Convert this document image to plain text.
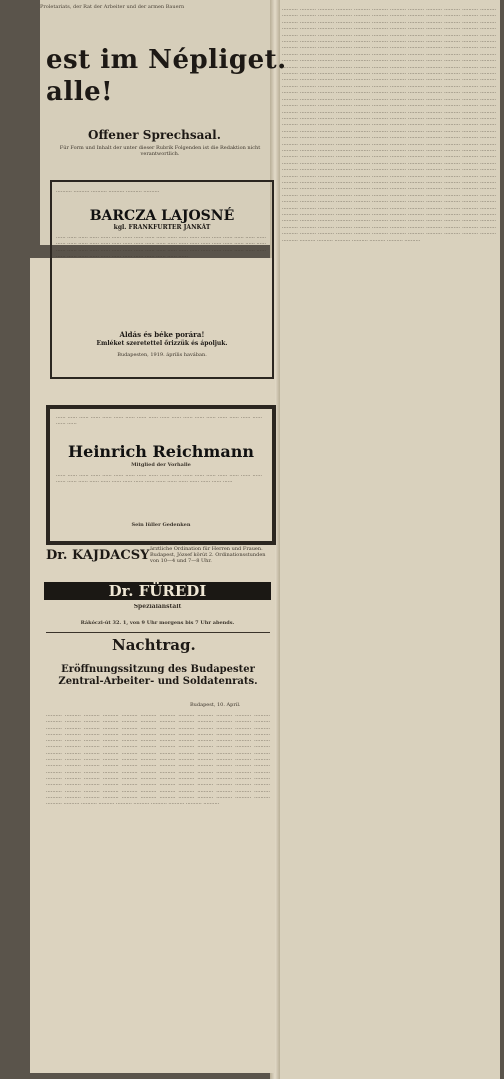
Proletariats, der Rat der Arbeiter und der armen Bauern
est im Népliget.
alle!
Offener Sprechsaal.
Für Form und Inhalt der unter dieser Rubrik Folgenden ist die Redaktion nicht verantwortlich.
.......... .......... .......... .......... .......... ..........
BARCZA LAJOSNÉ
kgl. FRANKFURTER JANKÁT
...... ...... ...... ...... ...... ...... ...... ...... ...... ...... ...... ...... ...... ...... ...... ...... ...... ...... ...... ...... ...... ...... ...... ...... ...... ...... ...... ...... ...... ...... ...... ...... ...... ...... ...... ...... ...... ...... ...... ...... ...... ...... ...... ...... ...... ...... ...... ...... ...... ...... ...... ...... ...... ...... ...... ...... ...... ...... ...... ...... ...... ...... ...... ...... ...... ...... ...... ...... ......
Aldás és béke porára!
Emléket szeretettel őrizzük és ápoljuk.
Budapesten, 1919. április havában.
...... ...... ...... ...... ...... ...... ...... ...... ...... ...... ...... ...... ...... ...... ...... ...... ...... ...... ...... ......
Heinrich Reichmann
Mitglied der Vorhalle
...... ...... ...... ...... ...... ...... ...... ...... ...... ...... ...... ...... ...... ...... ...... ...... ...... ...... ...... ...... ...... ...... ...... ...... ...... ...... ...... ...... ...... ...... ...... ...... ...... ......
Sein lüller Gedenken
Dr. KAJDACSY ärztliche Ordination für Herren und Frauen. Budapest, József körút 2. Ordinationsstunden von 10—4 und 7—8 Uhr.
Dr. FÜREDI
Spezialanstalt
Rákóczi-út 32. 1, von 9 Uhr morgens bis 7 Uhr abends.
Nachtrag.
Eröffnungssitzung des Budapester Zentral-Arbeiter- und Soldatenrats.
Budapest, 10. April.
.......... .......... .......... .......... .......... .......... .......... .......... .......... .......... .......... .......... .......... .......... .......... .......... .......... .......... .......... .......... .......... .......... .......... .......... .......... .......... .......... .......... .......... .......... .......... .......... .......... .......... .......... .......... .......... .......... .......... .......... .......... .......... .......... .......... .......... .......... .......... .......... .......... .......... .......... .......... .......... .......... .......... .......... .......... .......... .......... .......... .......... .......... .......... .......... .......... .......... .......... .......... .......... .......... .......... .......... .......... .......... .......... .......... .......... .......... .......... .......... .......... .......... .......... .......... .......... .......... .......... .......... .......... .......... .......... .......... .......... .......... .......... .......... .......... .......... .......... .......... .......... .......... .......... .......... .......... .......... .......... .......... .......... .......... .......... .......... .......... .......... .......... .......... .......... .......... .......... .......... .......... .......... .......... .......... .......... .......... .......... .......... .......... .......... .......... .......... .......... .......... .......... .......... .......... .......... .......... .......... .......... .......... .......... .......... .......... .......... .......... .......... .......... .......... .......... .......... .......... .......... .......... .......... .......... .......... .......... .......... .......... .......... .......... .......... .......... .......... .......... .......... .......... .......... .......... .......... .......... .......... .......... .......... .......... ..........
.......... .......... .......... .......... .......... .......... .......... .......... .......... .......... .......... .......... .......... .......... .......... .......... .......... .......... .......... .......... .......... .......... .......... .......... .......... .......... .......... .......... .......... .......... .......... .......... .......... .......... .......... .......... .......... .......... .......... .......... .......... .......... .......... .......... .......... .......... .......... .......... .......... .......... .......... .......... .......... .......... .......... .......... .......... .......... .......... .......... .......... .......... .......... .......... .......... .......... .......... .......... .......... .......... .......... .......... .......... .......... .......... .......... .......... .......... .......... .......... .......... .......... .......... .......... .......... .......... .......... .......... .......... .......... .......... .......... .......... .......... .......... .......... .......... .......... .......... .......... .......... .......... .......... .......... .......... .......... .......... .......... .......... .......... .......... .......... .......... .......... .......... .......... .......... .......... .......... .......... .......... .......... .......... .......... .......... .......... .......... .......... .......... .......... .......... .......... .......... .......... .......... .......... .......... .......... .......... .......... .......... .......... .......... .......... .......... .......... .......... .......... .......... .......... .......... .......... .......... .......... .......... .......... .......... .......... .......... .......... .......... .......... .......... .......... .......... .......... .......... .......... .......... .......... .......... .......... .......... .......... .......... .......... .......... .......... .......... .......... .......... .......... .......... .......... .......... .......... .......... .......... .......... .......... .......... .......... .......... .......... .......... .......... .......... .......... .......... .......... .......... .......... .......... .......... .......... .......... .......... .......... .......... .......... .......... .......... .......... .......... .......... .......... .......... .......... .......... .......... .......... .......... .......... .......... .......... .......... .......... .......... .......... .......... .......... .......... .......... .......... .......... .......... .......... .......... .......... .......... .......... .......... .......... .......... .......... .......... .......... .......... .......... .......... .......... .......... .......... .......... .......... .......... .......... .......... .......... .......... .......... .......... .......... .......... .......... .......... .......... .......... .......... .......... .......... .......... .......... .......... .......... .......... .......... .......... .......... .......... .......... .......... .......... .......... .......... .......... .......... .......... .......... .......... .......... .......... .......... .......... .......... .......... .......... .......... .......... .......... .......... .......... .......... .......... .......... .......... .......... .......... .......... .......... .......... .......... .......... .......... .......... .......... .......... .......... .......... .......... .......... .......... .......... .......... .......... .......... .......... .......... .......... .......... .......... .......... .......... .......... .......... .......... .......... .......... .......... .......... .......... .......... .......... .......... .......... .......... .......... .......... .......... .......... .......... .......... .......... .......... .......... .......... .......... .......... .......... .......... .......... .......... .......... .......... .......... .......... .......... .......... .......... .......... .......... .......... .......... .......... .......... .......... .......... .......... .......... .......... .......... .......... .......... .......... .......... .......... .......... .......... .......... .......... .......... .......... .......... .......... .......... .......... .......... .......... .......... .......... .......... .......... .......... .......... .......... .......... .......... .......... .......... .......... .......... .......... .......... .......... .......... .......... .......... .......... .......... .......... .......... .......... .......... .......... .......... .......... .......... .......... .......... .......... .......... .......... .......... .......... .......... .......... .......... .......... .......... ..........
